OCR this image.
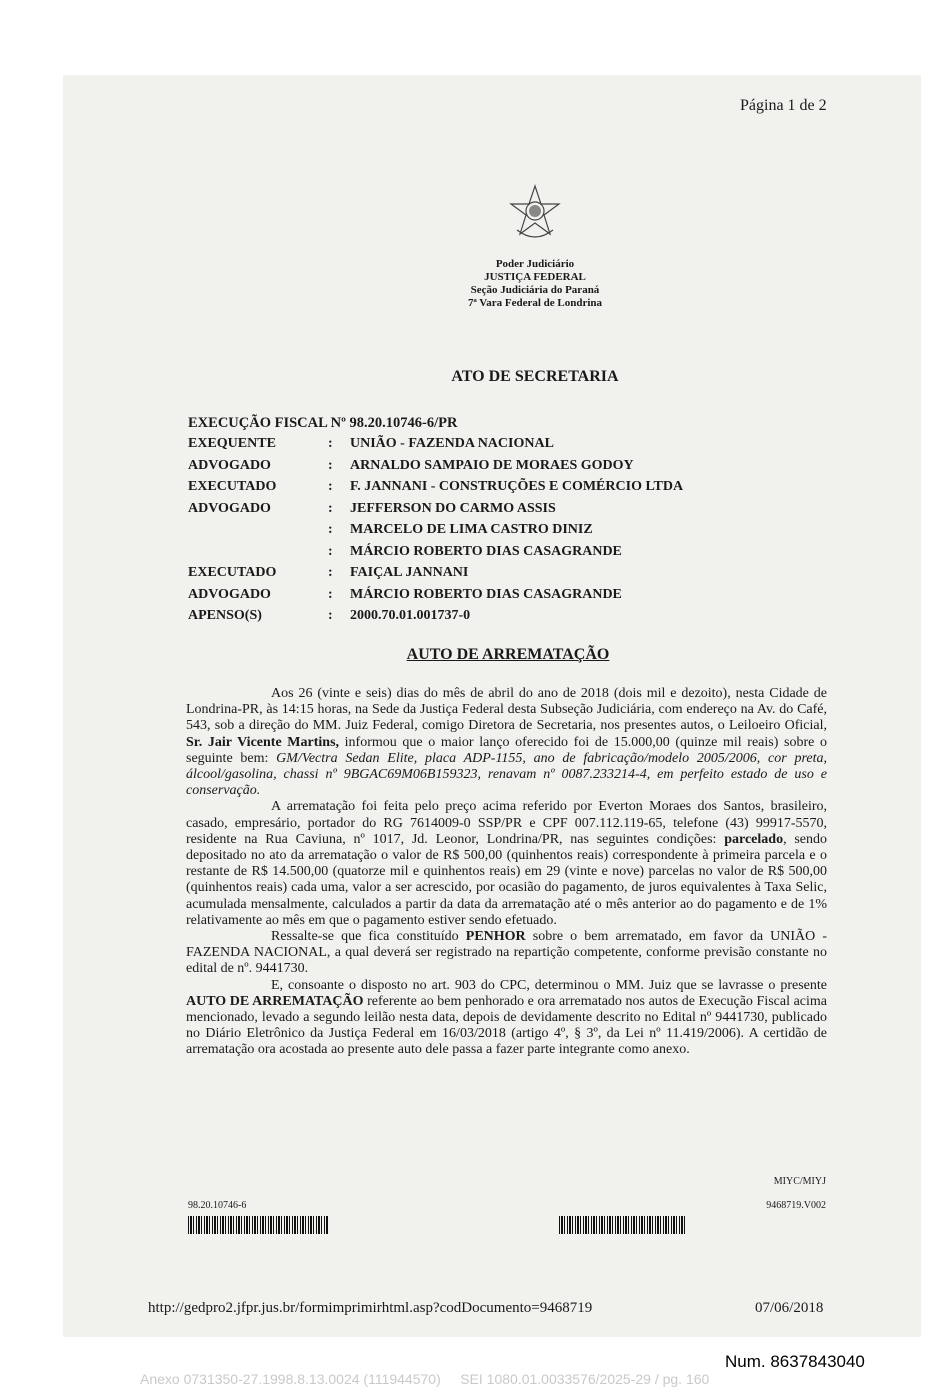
Página 1 de 2
Poder Judiciário
JUSTIÇA FEDERAL
Seção Judiciária do Paraná
7ª Vara Federal de Londrina
ATO DE SECRETARIA
EXECUÇÃO FISCAL Nº 98.20.10746-6/PR
EXEQUENTE	:	UNIÃO - FAZENDA NACIONAL
ADVOGADO	:	ARNALDO SAMPAIO DE MORAES GODOY
EXECUTADO	:	F. JANNANI - CONSTRUÇÕES E COMÉRCIO LTDA
ADVOGADO	:	JEFFERSON DO CARMO ASSIS
:	MARCELO DE LIMA CASTRO DINIZ
:	MÁRCIO ROBERTO DIAS CASAGRANDE
EXECUTADO	:	FAIÇAL JANNANI
ADVOGADO	:	MÁRCIO ROBERTO DIAS CASAGRANDE
APENSO(S)	:	2000.70.01.001737-0
AUTO DE ARREMATAÇÃO

Aos 26 (vinte e seis) dias do mês de abril do ano de 2018 (dois mil e dezoito), nesta Cidade de Londrina-PR, às 14:15 horas, na Sede da Justiça Federal desta Subseção Judiciária, com endereço na Av. do Café, 543, sob a direção do MM. Juiz Federal, comigo Diretora de Secretaria, nos presentes autos, o Leiloeiro Oficial, Sr. Jair Vicente Martins, informou que o maior lanço oferecido foi de 15.000,00 (quinze mil reais) sobre o seguinte bem: GM/Vectra Sedan Elite, placa ADP-1155, ano de fabricação/modelo 2005/2006, cor preta, álcool/gasolina, chassi nº 9BGAC69M06B159323, renavam nº 0087.233214-4, em perfeito estado de uso e conservação.

A arrematação foi feita pelo preço acima referido por Everton Moraes dos Santos, brasileiro, casado, empresário, portador do RG 7614009-0 SSP/PR e CPF 007.112.119-65, telefone (43) 99917-5570, residente na Rua Caviuna, nº 1017, Jd. Leonor, Londrina/PR, nas seguintes condições: parcelado, sendo depositado no ato da arrematação o valor de R$ 500,00 (quinhentos reais) correspondente à primeira parcela e o restante de R$ 14.500,00 (quatorze mil e quinhentos reais) em 29 (vinte e nove) parcelas no valor de R$ 500,00 (quinhentos reais) cada uma, valor a ser acrescido, por ocasião do pagamento, de juros equivalentes à Taxa Selic, acumulada mensalmente, calculados a partir da data da arrematação até o mês anterior ao do pagamento e de 1% relativamente ao mês em que o pagamento estiver sendo efetuado.

Ressalte-se que fica constituído PENHOR sobre o bem arrematado, em favor da UNIÃO - FAZENDA NACIONAL, a qual deverá ser registrado na repartição competente, conforme previsão constante no edital de nº. 9441730.

E, consoante o disposto no art. 903 do CPC, determinou o MM. Juiz que se lavrasse o presente AUTO DE ARREMATAÇÃO referente ao bem penhorado e ora arrematado nos autos de Execução Fiscal acima mencionado, levado a segundo leilão nesta data, depois de devidamente descrito no Edital nº 9441730, publicado no Diário Eletrônico da Justiça Federal em 16/03/2018 (artigo 4º, § 3º, da Lei nº 11.419/2006). A certidão de arrematação ora acostada ao presente auto dele passa a fazer parte integrante como anexo.

MIYC/MIYJ
98.20.10746-6	9468719.V002
http://gedpro2.jfpr.jus.br/formimprimirhtml.asp?codDocumento=9468719	07/06/2018
Num. 8637843040
Anexo 0731350-27.1998.8.13.0024 (111944570) SEI 1080.01.0033576/2025-29 / pg. 160
